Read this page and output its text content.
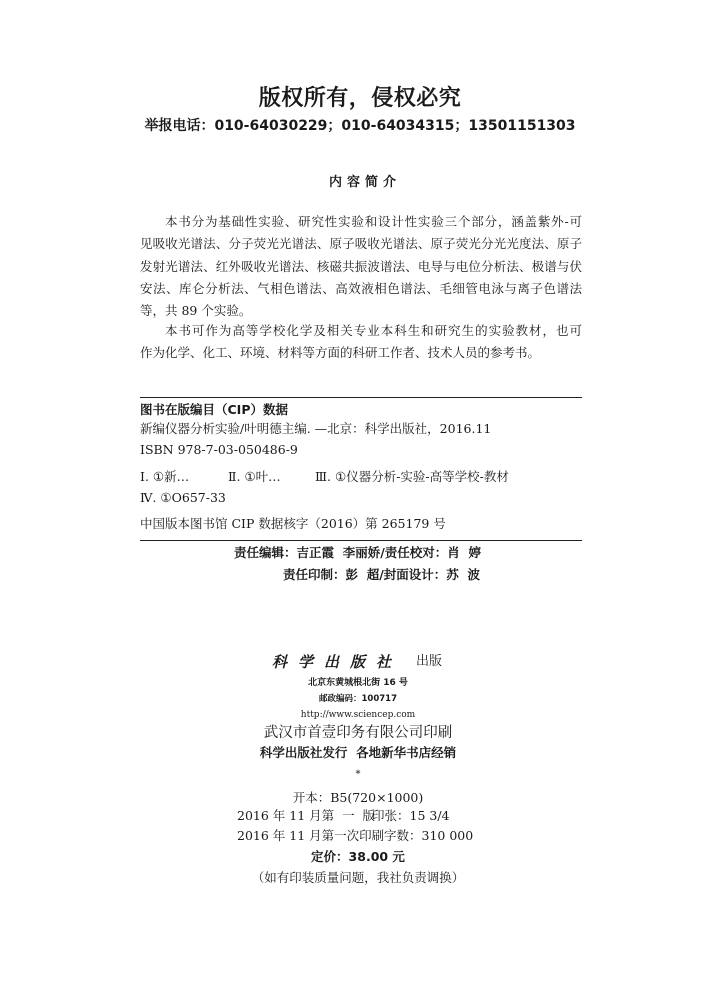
版权所有，侵权必究
举报电话：010-64030229；010-64034315；13501151303
内容简介
本书分为基础性实验、研究性实验和设计性实验三个部分，涵盖紫外-可
见吸收光谱法、分子荧光光谱法、原子吸收光谱法、原子荧光分光光度法、原子
发射光谱法、红外吸收光谱法、核磁共振波谱法、电导与电位分析法、极谱与伏
安法、库仑分析法、气相色谱法、高效液相色谱法、毛细管电泳与离子色谱法
等，共 89 个实验。
本书可作为高等学校化学及相关专业本科生和研究生的实验教材，也可
作为化学、化工、环境、材料等方面的科研工作者、技术人员的参考书。
图书在版编目（CIP）数据
新编仪器分析实验/叶明德主编. —北京：科学出版社，2016.11
ISBN 978-7-03-050486-9
Ⅰ. ①新…	Ⅱ. ①叶…	Ⅲ. ①仪器分析-实验-高等学校-教材
Ⅳ. ①O657-33
中国版本图书馆 CIP 数据核字（2016）第 265179 号
责任编辑：吉正霞  李丽娇/责任校对：肖  婷
责任印制：彭  超/封面设计：苏  波
科学出版社 出版
北京东黄城根北街 16 号
邮政编码：100717
http://www.sciencep.com
武汉市首壹印务有限公司印刷
科学出版社发行  各地新华书店经销
*
开本：B5(720×1000)
2016 年 11 月第  一  版
印张：15 3/4
2016 年 11 月第一次印刷 字数：310 000
定价：38.00 元
（如有印装质量问题，我社负责调换）
